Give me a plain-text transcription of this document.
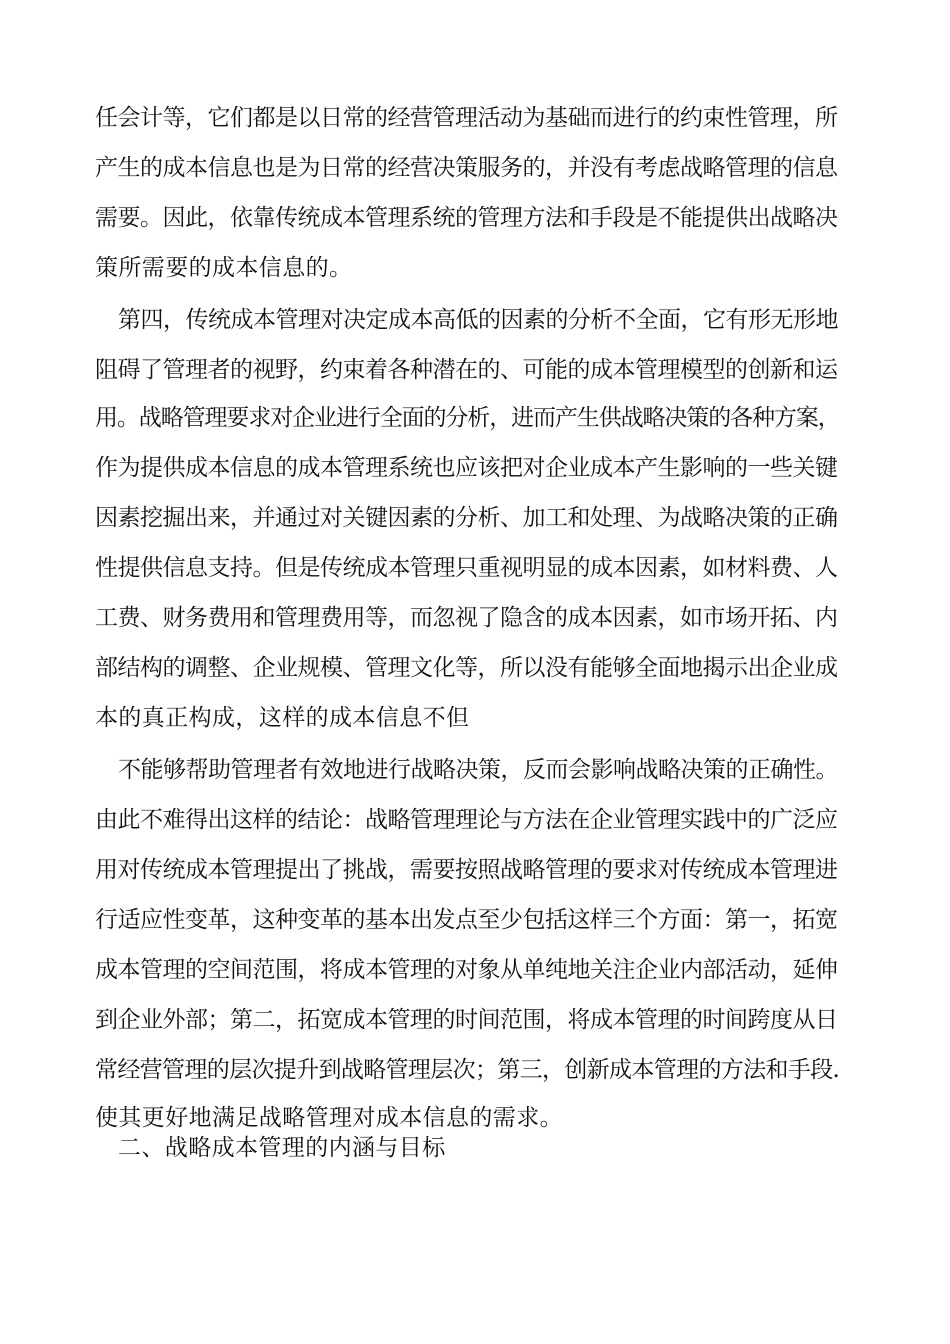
任会计等，它们都是以日常的经营管理活动为基础而进行的约束性管理，所

产生的成本信息也是为日常的经营决策服务的，并没有考虑战略管理的信息

需要。因此，依靠传统成本管理系统的管理方法和手段是不能提供出战略决

策所需要的成本信息的。

第四，传统成本管理对决定成本高低的因素的分析不全面，它有形无形地

阻碍了管理者的视野，约束着各种潜在的、可能的成本管理模型的创新和运

用。战略管理要求对企业进行全面的分析，进而产生供战略决策的各种方案，

作为提供成本信息的成本管理系统也应该把对企业成本产生影响的一些关键

因素挖掘出来，并通过对关键因素的分析、加工和处理、为战略决策的正确

性提供信息支持。但是传统成本管理只重视明显的成本因素，如材料费、人

工费、财务费用和管理费用等，而忽视了隐含的成本因素，如市场开拓、内

部结构的调整、企业规模、管理文化等，所以没有能够全面地揭示出企业成

本的真正构成，这样的成本信息不但

不能够帮助管理者有效地进行战略决策，反而会影响战略决策的正确性。

由此不难得出这样的结论：战略管理理论与方法在企业管理实践中的广泛应

用对传统成本管理提出了挑战，需要按照战略管理的要求对传统成本管理进

行适应性变革，这种变革的基本出发点至少包括这样三个方面：第一，拓宽

成本管理的空间范围，将成本管理的对象从单纯地关注企业内部活动，延伸

到企业外部；第二，拓宽成本管理的时间范围，将成本管理的时间跨度从日

常经营管理的层次提升到战略管理层次；第三，创新成本管理的方法和手段.

使其更好地满足战略管理对成本信息的需求。

二、战略成本管理的内涵与目标
